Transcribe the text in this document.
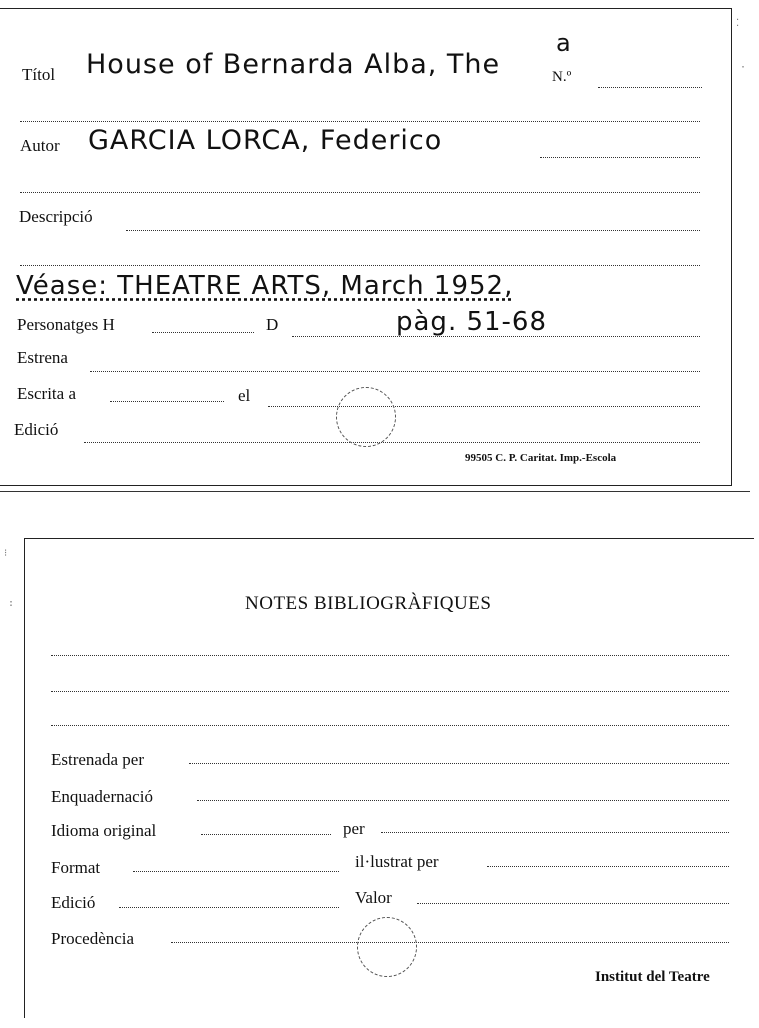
Títol House of Bernarda Alba, The
a
N.º
Autor GARCIA LORCA, Federico
Descripció
Véase: THEATRE ARTS, March 1952,
Personatges H	D	pàg. 51-68
Estrena
Escrita a	el
Edició
99505 C. P. Caritat. Imp.-Escola
⁚
·
⁝
:	NOTES BIBLIOGRÀFIQUES
Estrenada per
Enquadernació
Idioma original	per
Format	il·lustrat per
Edició	Valor
Procedència
Institut del Teatre
